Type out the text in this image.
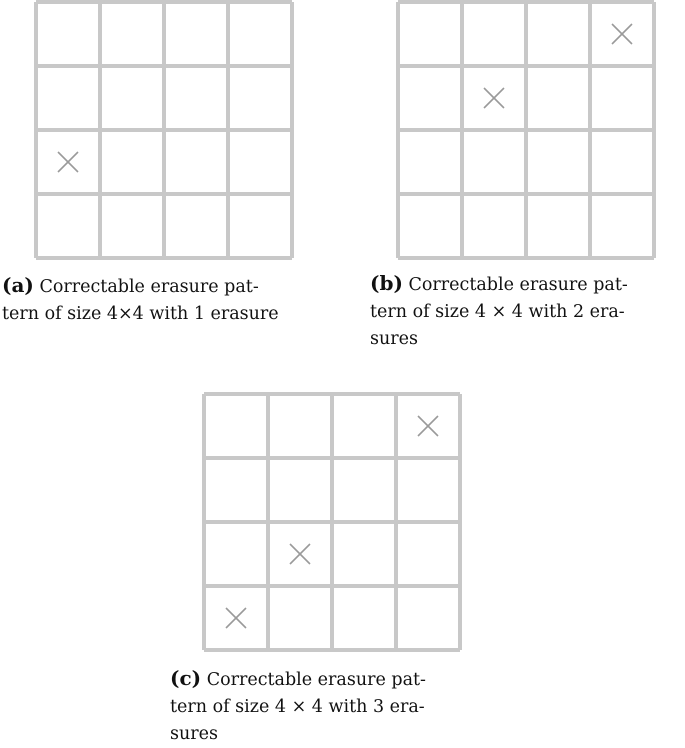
(a) Correctable erasure pat-
tern of size 4×4 with 1 erasure
(b) Correctable erasure pat-
tern of size 4 × 4 with 2 era-
sures
(c) Correctable erasure pat-
tern of size 4 × 4 with 3 era-
sures
